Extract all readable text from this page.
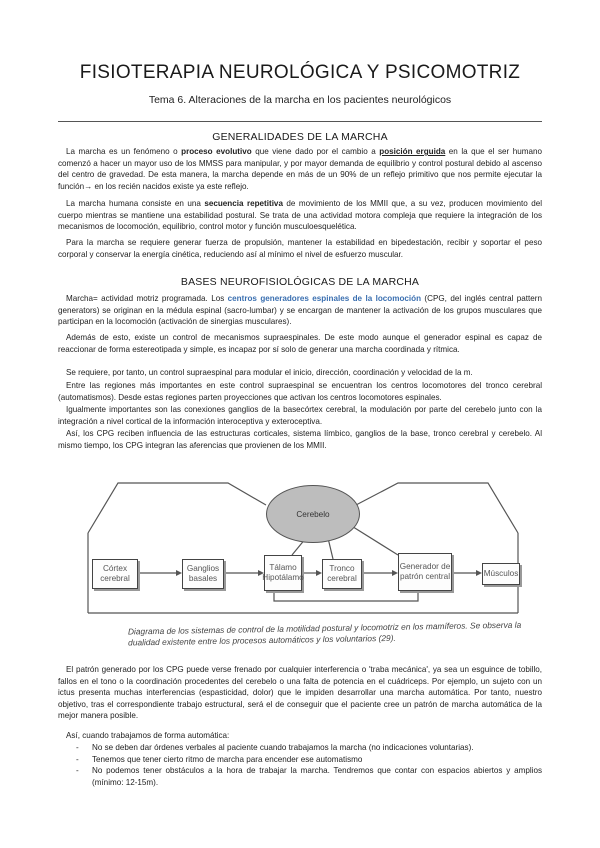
FISIOTERAPIA NEUROLÓGICA Y PSICOMOTRIZ
Tema 6. Alteraciones de la marcha en los pacientes neurológicos
GENERALIDADES DE LA MARCHA

La marcha es un fenómeno o proceso evolutivo que viene dado por el cambio a posición erguida en la que el ser humano comenzó a hacer un mayor uso de los MMSS para manipular, y por mayor demanda de equilibrio y control postural debido al ascenso del centro de gravedad. De esta manera, la marcha depende en más de un 90% de un reflejo primitivo que nos permite ejecutar la función→ en los recién nacidos existe ya este reflejo.

La marcha humana consiste en una secuencia repetitiva de movimiento de los MMII que, a su vez, producen movimiento del cuerpo mientras se mantiene una estabilidad postural. Se trata de una actividad motora compleja que requiere la integración de los mecanismos de locomoción, equilibrio, control motor y función musculoesquelética.

Para la marcha se requiere generar fuerza de propulsión, mantener la estabilidad en bipedestación, recibir y soportar el peso corporal y conservar la energía cinética, reduciendo así al mínimo el nivel de esfuerzo muscular.

BASES NEUROFISIOLÓGICAS DE LA MARCHA

Marcha= actividad motriz programada. Los centros generadores espinales de la locomoción (CPG, del inglés central pattern generators) se originan en la médula espinal (sacro-lumbar) y se encargan de mantener la activación de los grupos musculares que participan en la locomoción (activación de sinergias musculares).

Además de esto, existe un control de mecanismos supraespinales. De este modo aunque el generador espinal es capaz de reaccionar de forma estereotipada y simple, es incapaz por sí solo de generar una marcha coordinada y rítmica.

Se requiere, por tanto, un control supraespinal para modular el inicio, dirección, coordinación y velocidad de la m.

Entre las regiones más importantes en este control supraespinal se encuentran los centros locomotores del tronco cerebral (automatismos). Desde estas regiones parten proyecciones que activan los centros locomotores espinales.

Igualmente importantes son las conexiones ganglios de la basecórtex cerebral, la modulación por parte del cerebelo junto con la integración a nivel cortical de la información interoceptiva y exteroceptiva.

Así, los CPG reciben influencia de las estructuras corticales, sistema límbico, ganglios de la base, tronco cerebral y cerebelo. Al mismo tiempo, los CPG integran las aferencias que provienen de los MMII.

Cerebelo
Córtex cerebral
Ganglios basales
Tálamo Hipotálamo
Tronco cerebral
Generador de patrón central	Músculos
Diagrama de los sistemas de control de la motilidad postural y locomotriz en los mamíferos. Se observa la dualidad existente entre los procesos automáticos y los voluntarios (29).

El patrón generado por los CPG puede verse frenado por cualquier interferencia o 'traba mecánica', ya sea un esguince de tobillo, fallos en el tono o la coordinación procedentes del cerebelo o una falta de potencia en el cuádriceps. Por ejemplo, un sujeto con un ictus presenta muchas interferencias (espasticidad, dolor) que le impiden desarrollar una marcha automática. Por tanto, nuestro objetivo, tras el correspondiente trabajo estructural, será el de conseguir que el paciente cree un patrón de marcha automática de la mejor manera posible.

Así, cuando trabajamos de forma automática:

- No se deben dar órdenes verbales al paciente cuando trabajamos la marcha (no indicaciones voluntarias).
- Tenemos que tener cierto ritmo de marcha para encender ese automatismo
- No podemos tener obstáculos a la hora de trabajar la marcha. Tendremos que contar con espacios abiertos y amplios (mínimo: 12-15m).
